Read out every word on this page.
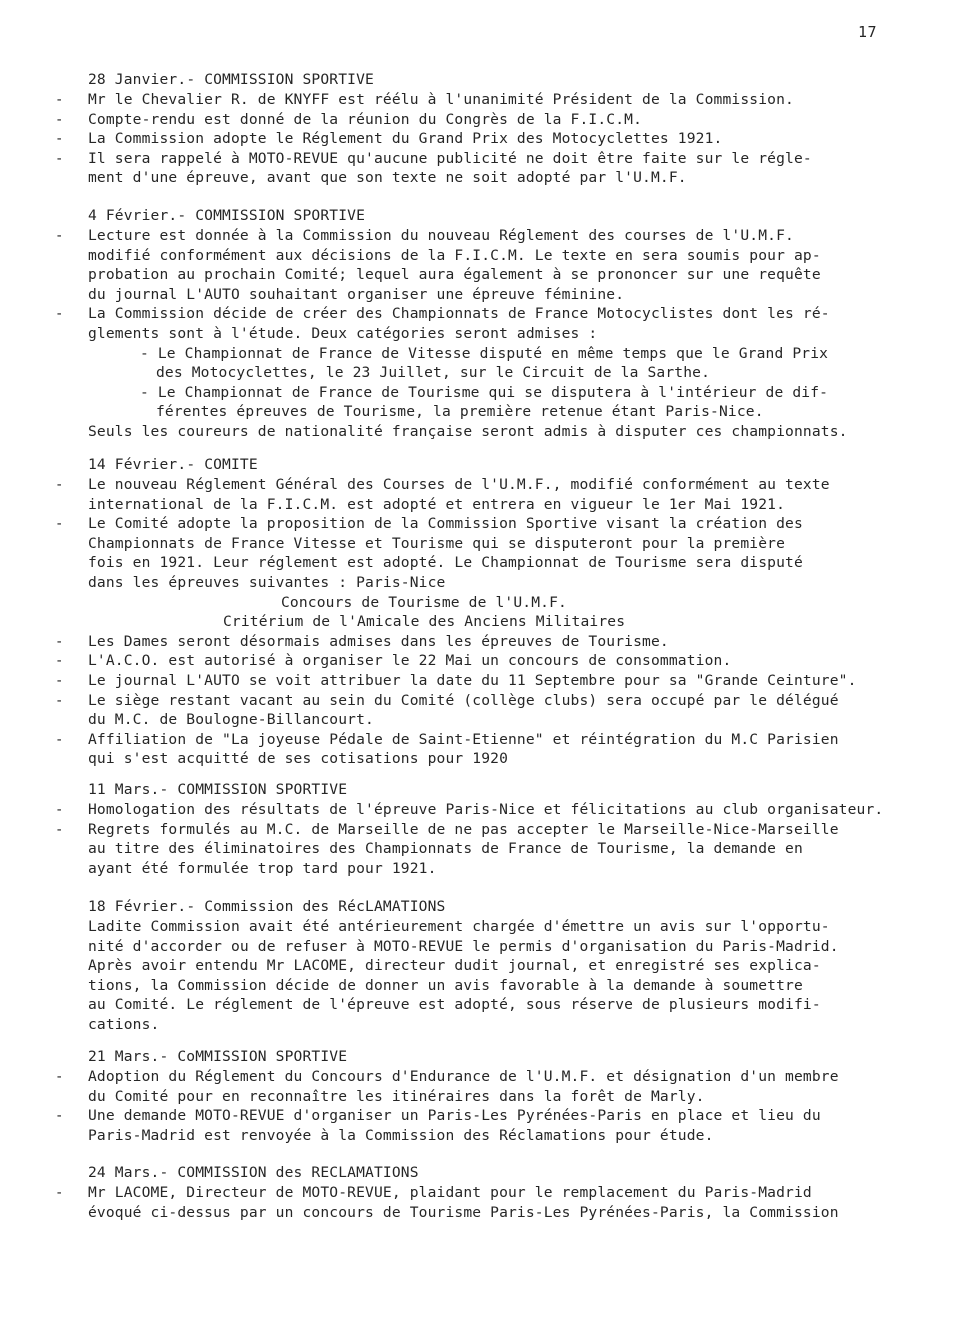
17
28 Janvier.- COMMISSION SPORTIVE
- Mr le Chevalier R. de KNYFF est réélu à l'unanimité Président de la Commission.
- Compte-rendu est donné de la réunion du Congrès de la F.I.C.M.
- La Commission adopte le Réglement du Grand Prix des Motocyclettes 1921.
- Il sera rappelé à MOTO-REVUE qu'aucune publicité ne doit être faite sur le régle-
ment d'une épreuve, avant que son texte ne soit adopté par l'U.M.F.
4 Février.- COMMISSION SPORTIVE
- Lecture est donnée à la Commission du nouveau Réglement des courses de l'U.M.F.
modifié conformément aux décisions de la F.I.C.M. Le texte en sera soumis pour ap-
probation au prochain Comité; lequel aura également à se prononcer sur une requête
du journal L'AUTO souhaitant organiser une épreuve féminine.
- La Commission décide de créer des Championnats de France Motocyclistes dont les ré-
glements sont à l'étude. Deux catégories seront admises :
- Le Championnat de France de Vitesse disputé en même temps que le Grand Prix
des Motocyclettes, le 23 Juillet, sur le Circuit de la Sarthe.
- Le Championnat de France de Tourisme qui se disputera à l'intérieur de dif-
férentes épreuves de Tourisme, la première retenue étant Paris-Nice.
Seuls les coureurs de nationalité française seront admis à disputer ces championnats.
14 Février.- COMITE
- Le nouveau Réglement Général des Courses de l'U.M.F., modifié conformément au texte
international de la F.I.C.M. est adopté et entrera en vigueur le 1er Mai 1921.
- Le Comité adopte la proposition de la Commission Sportive visant la création des
Championnats de France Vitesse et Tourisme qui se disputeront pour la première
fois en 1921. Leur réglement est adopté. Le Championnat de Tourisme sera disputé
dans les épreuves suivantes : Paris-Nice
Concours de Tourisme de l'U.M.F.
Critérium de l'Amicale des Anciens Militaires
- Les Dames seront désormais admises dans les épreuves de Tourisme.
- L'A.C.O. est autorisé à organiser le 22 Mai un concours de consommation.
- Le journal L'AUTO se voit attribuer la date du 11 Septembre pour sa "Grande Ceinture".
- Le siège restant vacant au sein du Comité (collège clubs) sera occupé par le délégué
du M.C. de Boulogne-Billancourt.
- Affiliation de "La joyeuse Pédale de Saint-Etienne" et réintégration du M.C Parisien
qui s'est acquitté de ses cotisations pour 1920
11 Mars.- COMMISSION SPORTIVE
- Homologation des résultats de l'épreuve Paris-Nice et félicitations au club organisateur.
- Regrets formulés au M.C. de Marseille de ne pas accepter le Marseille-Nice-Marseille
au titre des éliminatoires des Championnats de France de Tourisme, la demande en
ayant été formulée trop tard pour 1921.
18 Février.- Commission des RécLAMATIONS
Ladite Commission avait été antérieurement chargée d'émettre un avis sur l'opportu-
nité d'accorder ou de refuser à MOTO-REVUE le permis d'organisation du Paris-Madrid.
Après avoir entendu Mr LACOME, directeur dudit journal, et enregistré ses explica-
tions, la Commission décide de donner un avis favorable à la demande à soumettre
au Comité. Le réglement de l'épreuve est adopté, sous réserve de plusieurs modifi-
cations.
21 Mars.- CoMMISSION SPORTIVE
- Adoption du Réglement du Concours d'Endurance de l'U.M.F. et désignation d'un membre
du Comité pour en reconnaître les itinéraires dans la forêt de Marly.
- Une demande MOTO-REVUE d'organiser un Paris-Les Pyrénées-Paris en place et lieu du
Paris-Madrid est renvoyée à la Commission des Réclamations pour étude.
24 Mars.- COMMISSION des RECLAMATIONS
- Mr LACOME, Directeur de MOTO-REVUE, plaidant pour le remplacement du Paris-Madrid
évoqué ci-dessus par un concours de Tourisme Paris-Les Pyrénées-Paris, la Commission
